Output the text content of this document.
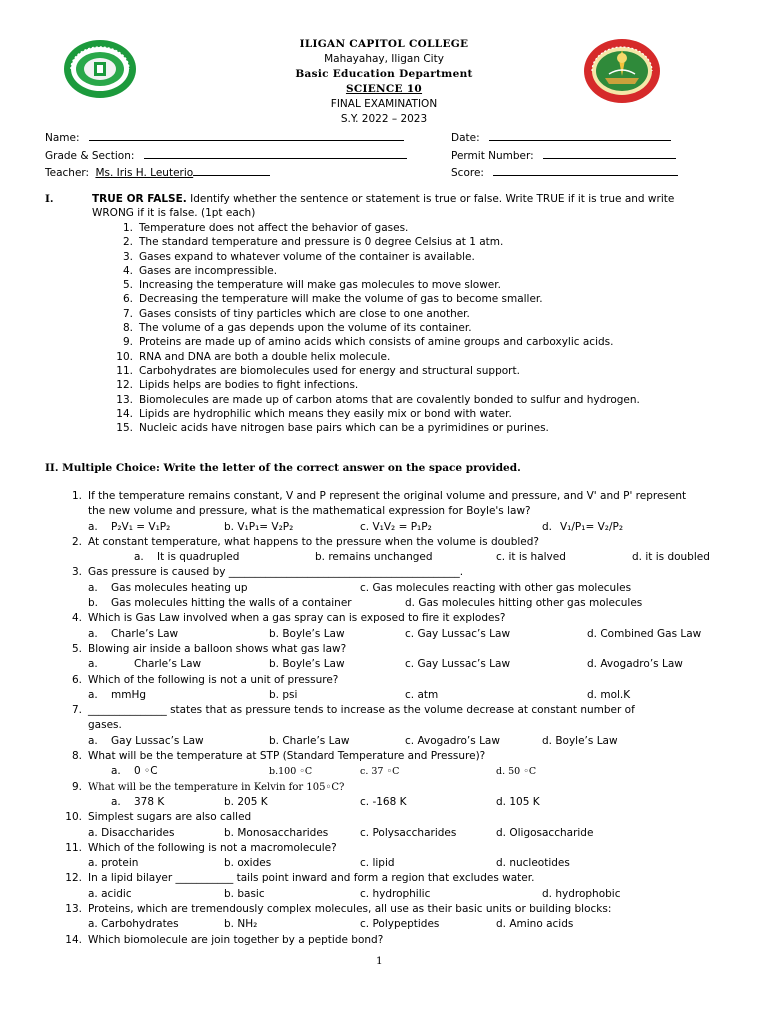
ILIGAN CAPITOL COLLEGE
Mahayahay, Iligan City
Basic Education Department
SCIENCE 10
FINAL EXAMINATION
S.Y. 2022 – 2023
Name:
Grade & Section:
Teacher: Ms. Iris H. Leuterio
Date:
Permit Number:
Score:
I.	TRUE OR FALSE. Identify whether the sentence or statement is true or false. Write TRUE if it is true and write
WRONG if it is false. (1pt each)
1. Temperature does not affect the behavior of gases.
2. The standard temperature and pressure is 0 degree Celsius at 1 atm.
3. Gases expand to whatever volume of the container is available.
4. Gases are incompressible.
5. Increasing the temperature will make gas molecules to move slower.
6. Decreasing the temperature will make the volume of gas to become smaller.
7. Gases consists of tiny particles which are close to one another.
8. The volume of a gas depends upon the volume of its container.
9. Proteins are made up of amino acids which consists of amine groups and carboxylic acids.
10. RNA and DNA are both a double helix molecule.
11. Carbohydrates are biomolecules used for energy and structural support.
12. Lipids helps are bodies to fight infections.
13. Biomolecules are made up of carbon atoms that are covalently bonded to sulfur and hydrogen.
14. Lipids are hydrophilic which means they easily mix or bond with water.
15. Nucleic acids have nitrogen base pairs which can be a pyrimidines or purines.
II. Multiple Choice: Write the letter of the correct answer on the space provided.
1. If the temperature remains constant, V and P represent the original volume and pressure, and V' and P' represent
the new volume and pressure, what is the mathematical expression for Boyle's law?
a. P₂V₁ = V₁P₂	b. V₁P₁= V₂P₂	c. V₁V₂ = P₁P₂	d. V₁/P₁= V₂/P₂
2. At constant temperature, what happens to the pressure when the volume is doubled?
a. It is quadrupled	b. remains unchanged	c. it is halved	d. it is doubled
3. Gas pressure is caused by ____________________________________________.
a. Gas molecules heating up	c. Gas molecules reacting with other gas molecules
b. Gas molecules hitting the walls of a container	d. Gas molecules hitting other gas molecules
4. Which is Gas Law involved when a gas spray can is exposed to fire it explodes?
a. Charle’s Law	b. Boyle’s Law	c. Gay Lussac’s Law	d. Combined Gas Law
5. Blowing air inside a balloon shows what gas law?
a.	Charle’s Law	b. Boyle’s Law	c. Gay Lussac’s Law	d. Avogadro’s Law
6. Which of the following is not a unit of pressure?
a. mmHg	b. psi	c. atm	d. mol.K
7. _______________ states that as pressure tends to increase as the volume decrease at constant number of
gases.
a. Gay Lussac’s Law	b. Charle’s Law	c. Avogadro’s Law	d. Boyle’s Law
8. What will be the temperature at STP (Standard Temperature and Pressure)?
a. 0 ◦C	b.100 ◦C	c. 37 ◦C	d. 50 ◦C
9. What will be the temperature in Kelvin for 105◦C?
a. 378 K	b. 205 K	c. -168 K	d. 105 K
10. Simplest sugars are also called
a. Disaccharides	b. Monosaccharides	c. Polysaccharides	d. Oligosaccharide
11. Which of the following is not a macromolecule?
a. protein	b. oxides	c. lipid	d. nucleotides
12. In a lipid bilayer ___________ tails point inward and form a region that excludes water.
a. acidic	b. basic	c. hydrophilic	d. hydrophobic
13. Proteins, which are tremendously complex molecules, all use as their basic units or building blocks:
a. Carbohydrates	b. NH₂	c. Polypeptides	d. Amino acids
14. Which biomolecule are join together by a peptide bond?
1
